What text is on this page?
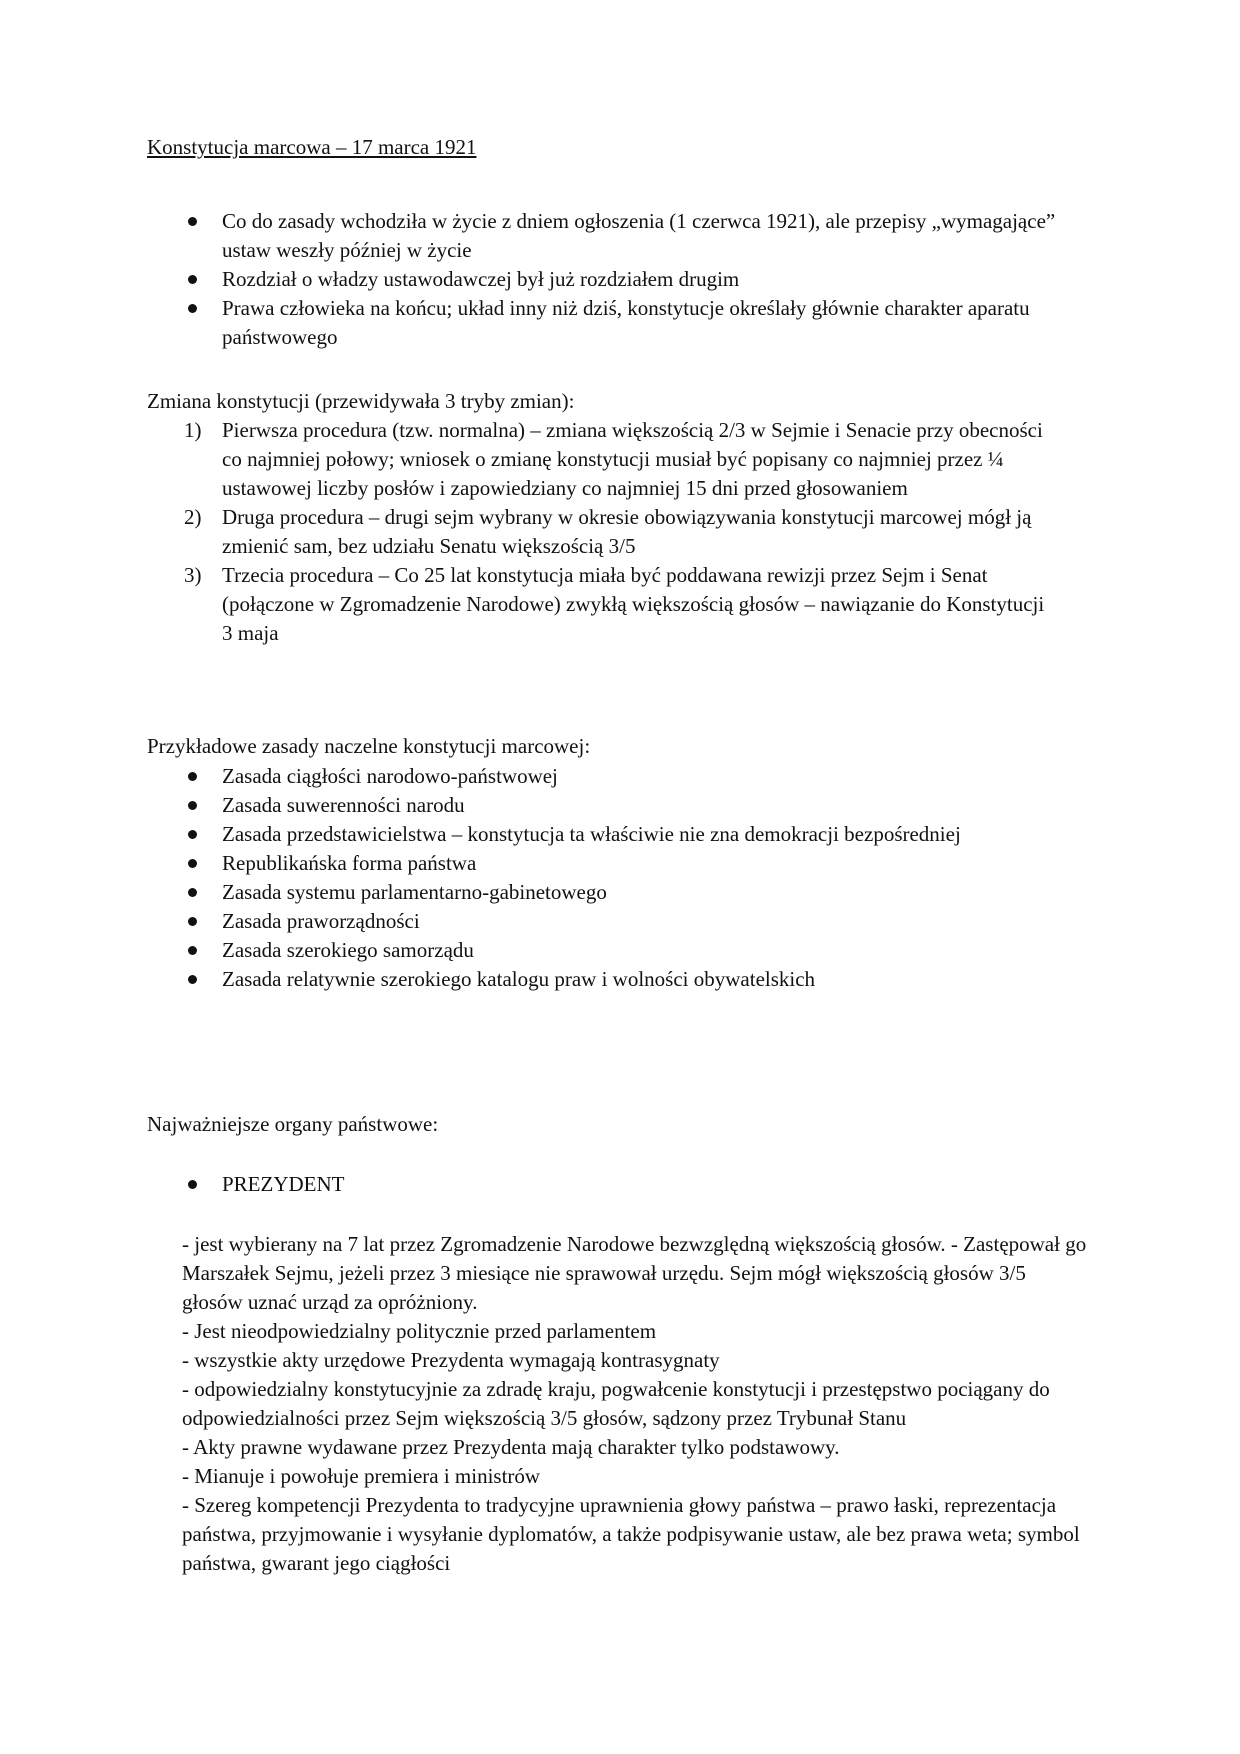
Konstytucja marcowa – 17 marca 1921

Co do zasady wchodziła w życie z dniem ogłoszenia (1 czerwca 1921), ale przepisy „wymagające” ustaw weszły później w życie
Rozdział o władzy ustawodawczej był już rozdziałem drugim
Prawa człowieka na końcu; układ inny niż dziś, konstytucje określały głównie charakter aparatu państwowego

Zmiana konstytucji (przewidywała 3 tryby zmian):

1) Pierwsza procedura (tzw. normalna) – zmiana większością 2/3 w Sejmie i Senacie przy obecności co najmniej połowy; wniosek o zmianę konstytucji musiał być popisany co najmniej przez ¼ ustawowej liczby posłów i zapowiedziany co najmniej 15 dni przed głosowaniem
2) Druga procedura – drugi sejm wybrany w okresie obowiązywania konstytucji marcowej mógł ją zmienić sam, bez udziału Senatu większością 3/5
3) Trzecia procedura – Co 25 lat konstytucja miała być poddawana rewizji przez Sejm i Senat (połączone w Zgromadzenie Narodowe) zwykłą większością głosów – nawiązanie do Konstytucji 3 maja

Przykładowe zasady naczelne konstytucji marcowej:

Zasada ciągłości narodowo-państwowej
Zasada suwerenności narodu
Zasada przedstawicielstwa – konstytucja ta właściwie nie zna demokracji bezpośredniej
Republikańska forma państwa
Zasada systemu parlamentarno-gabinetowego
Zasada praworządności
Zasada szerokiego samorządu
Zasada relatywnie szerokiego katalogu praw i wolności obywatelskich

Najważniejsze organy państwowe:

PREZYDENT
- jest wybierany na 7 lat przez Zgromadzenie Narodowe bezwzględną większością głosów. - Zastępował go Marszałek Sejmu, jeżeli przez 3 miesiące nie sprawował urzędu. Sejm mógł większością głosów 3/5 głosów uznać urząd za opróżniony.
- Jest nieodpowiedzialny politycznie przed parlamentem
- wszystkie akty urzędowe Prezydenta wymagają kontrasygnaty
- odpowiedzialny konstytucyjnie za zdradę kraju, pogwałcenie konstytucji i przestępstwo pociągany do odpowiedzialności przez Sejm większością 3/5 głosów, sądzony przez Trybunał Stanu
- Akty prawne wydawane przez Prezydenta mają charakter tylko podstawowy.
- Mianuje i powołuje premiera i ministrów
- Szereg kompetencji Prezydenta to tradycyjne uprawnienia głowy państwa – prawo łaski, reprezentacja państwa, przyjmowanie i wysyłanie dyplomatów, a także podpisywanie ustaw, ale bez prawa weta; symbol państwa, gwarant jego ciągłości
